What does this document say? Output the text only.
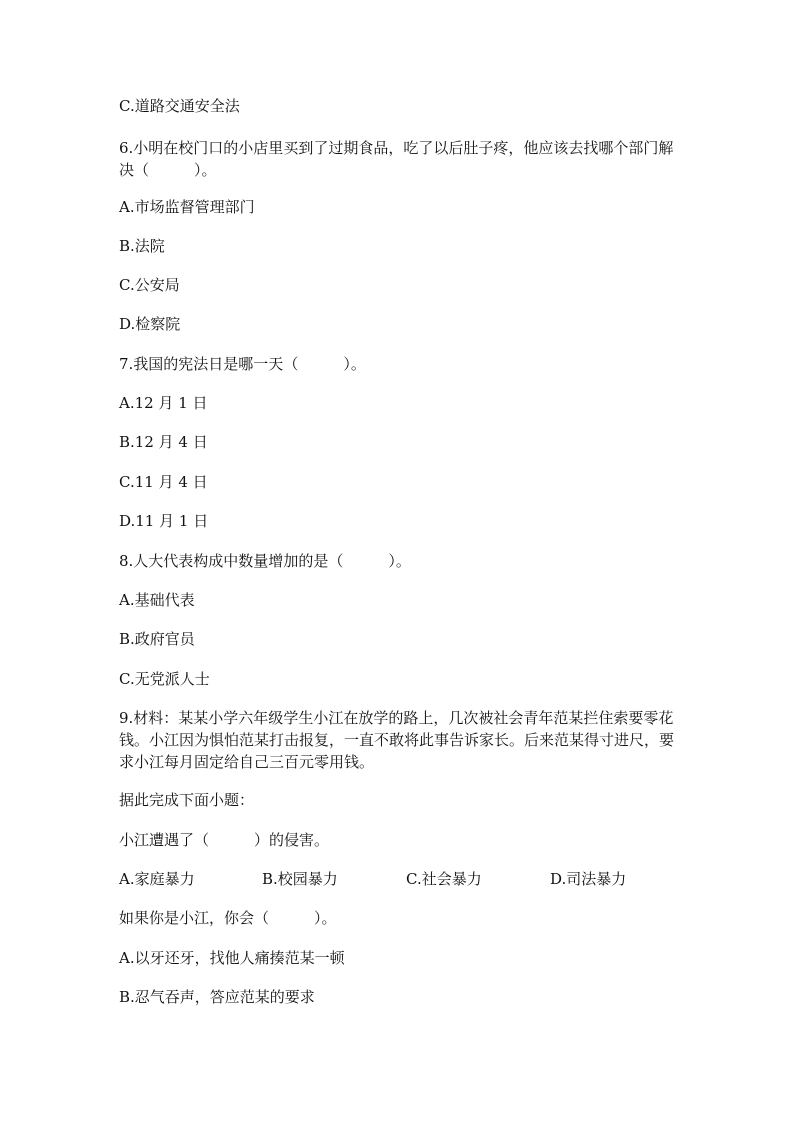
C.道路交通安全法
6.小明在校门口的小店里买到了过期食品，吃了以后肚子疼，他应该去找哪个部门解决（　　　）。
A.市场监督管理部门
B.法院
C.公安局
D.检察院
7.我国的宪法日是哪一天（　　　）。
A.12 月 1 日
B.12 月 4 日
C.11 月 4 日
D.11 月 1 日
8.人大代表构成中数量增加的是（　　　）。
A.基础代表
B.政府官员
C.无党派人士
9.材料：某某小学六年级学生小江在放学的路上，几次被社会青年范某拦住索要零花钱。小江因为惧怕范某打击报复，一直不敢将此事告诉家长。后来范某得寸进尺，要求小江每月固定给自己三百元零用钱。
据此完成下面小题：
小江遭遇了（　　　）的侵害。
A.家庭暴力	B.校园暴力	C.社会暴力	D.司法暴力
如果你是小江，你会（　　　）。
A.以牙还牙，找他人痛揍范某一顿
B.忍气吞声，答应范某的要求
